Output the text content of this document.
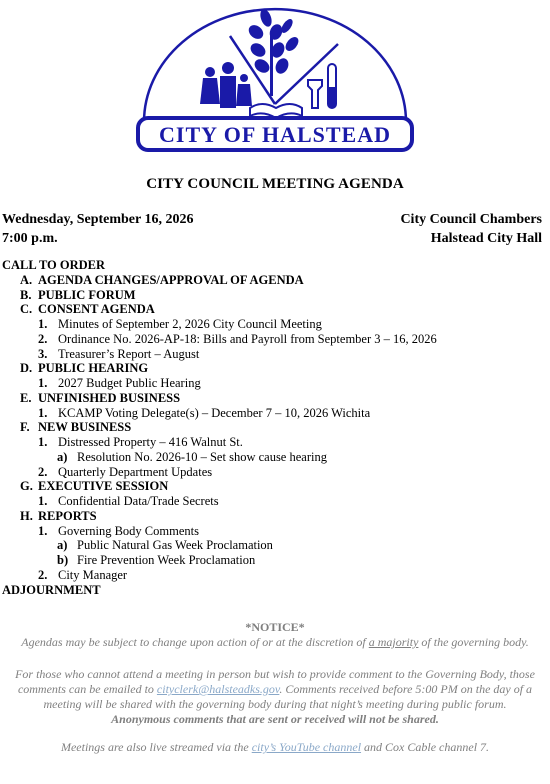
CITY OF HALSTEAD
CITY COUNCIL MEETING AGENDA
Wednesday, September 16, 2026
7:00 p.m.
City Council Chambers
Halstead City Hall
CALL TO ORDER
A. AGENDA CHANGES/APPROVAL OF AGENDA
B. PUBLIC FORUM
C. CONSENT AGENDA
1. Minutes of September 2, 2026 City Council Meeting
2. Ordinance No. 2026-AP-18: Bills and Payroll from September 3 – 16, 2026
3. Treasurer’s Report – August
D. PUBLIC HEARING
1. 2027 Budget Public Hearing
E. UNFINISHED BUSINESS
1. KCAMP Voting Delegate(s) – December 7 – 10, 2026 Wichita
F. NEW BUSINESS
1. Distressed Property – 416 Walnut St.
a) Resolution No. 2026-10 – Set show cause hearing
2. Quarterly Department Updates
G. EXECUTIVE SESSION
1. Confidential Data/Trade Secrets
H. REPORTS
1. Governing Body Comments
a) Public Natural Gas Week Proclamation
b) Fire Prevention Week Proclamation
2. City Manager
ADJOURNMENT
*NOTICE*
Agendas may be subject to change upon action of or at the discretion of a majority of the governing body.

For those who cannot attend a meeting in person but wish to provide comment to the Governing Body, those comments can be emailed to cityclerk@halsteadks.gov. Comments received before 5:00 PM on the day of a meeting will be shared with the governing body during that night’s meeting during public forum.

Anonymous comments that are sent or received will not be shared.

Meetings are also live streamed via the city’s YouTube channel and Cox Cable channel 7.
